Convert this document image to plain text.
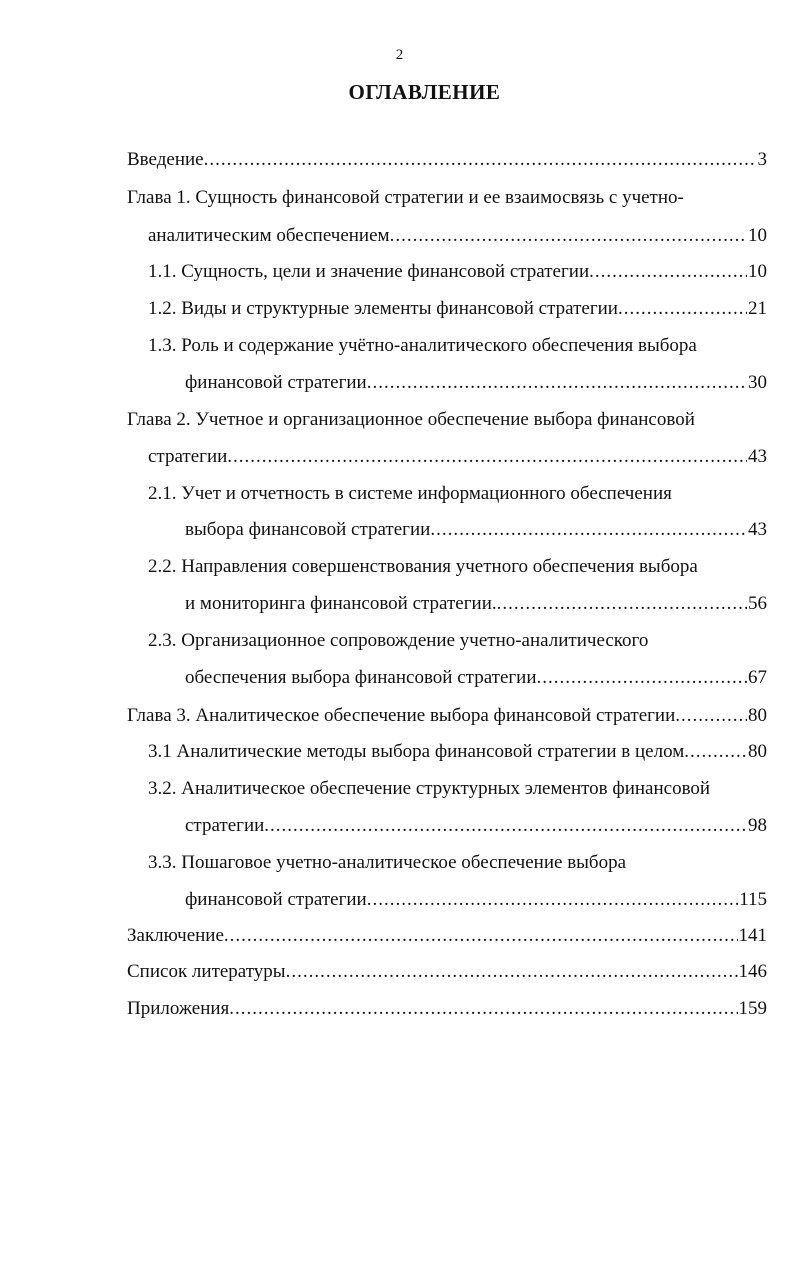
2
ОГЛАВЛЕНИЕ
Введение .....	3
Глава 1. Сущность финансовой стратегии и ее взаимосвязь с учетно-
аналитическим обеспечением .....	10
1.1. Сущность, цели и значение финансовой стратегии .....	10
1.2. Виды и структурные элементы финансовой стратегии .....	21
1.3. Роль и содержание учётно-аналитического обеспечения выбора
финансовой стратегии .....	30
Глава 2. Учетное и организационное обеспечение выбора финансовой
стратегии .....	43
2.1. Учет и отчетность в системе информационного обеспечения
выбора финансовой стратегии .....	43
2.2. Направления совершенствования учетного обеспечения выбора
и мониторинга финансовой стратегии. .....	56
2.3. Организационное сопровождение учетно-аналитического
обеспечения выбора финансовой стратегии .....	67
Глава 3. Аналитическое обеспечение выбора финансовой стратегии .....	80
3.1 Аналитические методы выбора финансовой стратегии в целом .....	80
3.2. Аналитическое обеспечение структурных элементов финансовой
стратегии .....	98
3.3. Пошаговое учетно-аналитическое обеспечение выбора
финансовой стратегии .....	115
Заключение .....	141
Список литературы .....	146
Приложения .....	159
